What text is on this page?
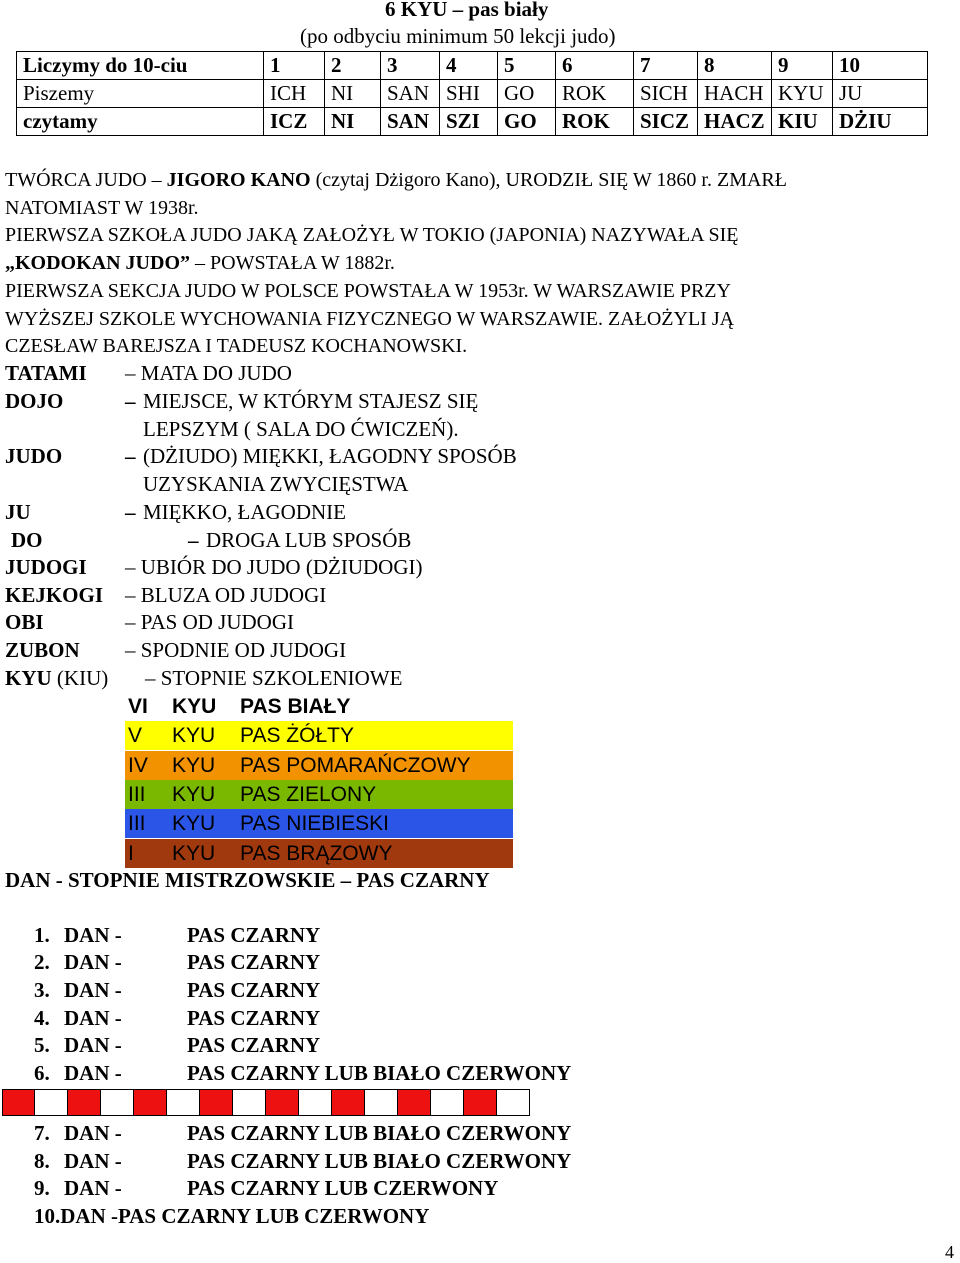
6 KYU – pas biały
(po odbyciu minimum 50 lekcji judo)
Liczymy do 10-ciu	1	2	3	4	5	6	7	8	9	10
Piszemy	ICH	NI	SAN	SHI	GO	ROK	SICH	HACH	KYU	JU
czytamy	ICZ	NI	SAN	SZI	GO	ROK	SICZ	HACZ	KIU	DŻIU
TWÓRCA JUDO – JIGORO KANO (czytaj Dżigoro Kano), URODZIŁ SIĘ W 1860 r. ZMARŁ
NATOMIAST W 1938r.
PIERWSZA SZKOŁA JUDO JAKĄ ZAŁOŻYŁ W TOKIO (JAPONIA) NAZYWAŁA SIĘ
„KODOKAN JUDO” – POWSTAŁA W 1882r.
PIERWSZA SEKCJA JUDO W POLSCE POWSTAŁA W 1953r. W WARSZAWIE PRZY
WYŻSZEJ SZKOLE WYCHOWANIA FIZYCZNEGO W WARSZAWIE. ZAŁOŻYLI JĄ
CZESŁAW BAREJSZA I TADEUSZ KOCHANOWSKI.
TATAMI – MATA DO JUDO
DOJO	– MIEJSCE, W KTÓRYM STAJESZ SIĘ
LEPSZYM ( SALA DO ĆWICZEŃ).
JUDO	– (DŻIUDO) MIĘKKI, ŁAGODNY SPOSÓB
UZYSKANIA ZWYCIĘSTWA
JU	– MIĘKKO, ŁAGODNIE
DO	– DROGA LUB SPOSÓB
JUDOGI – UBIÓR DO JUDO (DŻIUDOGI)
KEJKOGI – BLUZA OD JUDOGI
OBI	– PAS OD JUDOGI
ZUBON – SPODNIE OD JUDOGI
KYU (KIU) – STOPNIE SZKOLENIOWE
VI KYU PAS BIAŁY
V KYU PAS ŻÓŁTY
IV KYU PAS POMARAŃCZOWY
III KYU PAS ZIELONY
III KYU PAS NIEBIESKI
I KYU PAS BRĄZOWY
DAN - STOPNIE MISTRZOWSKIE – PAS CZARNY
1. DAN -	PAS CZARNY
2. DAN -	PAS CZARNY
3. DAN -	PAS CZARNY
4. DAN -	PAS CZARNY
5. DAN -	PAS CZARNY
6. DAN -	PAS CZARNY LUB BIAŁO CZERWONY
7. DAN -	PAS CZARNY LUB BIAŁO CZERWONY
8. DAN -	PAS CZARNY LUB BIAŁO CZERWONY
9. DAN -	PAS CZARNY LUB CZERWONY
10.DAN -PAS CZARNY LUB CZERWONY
4
